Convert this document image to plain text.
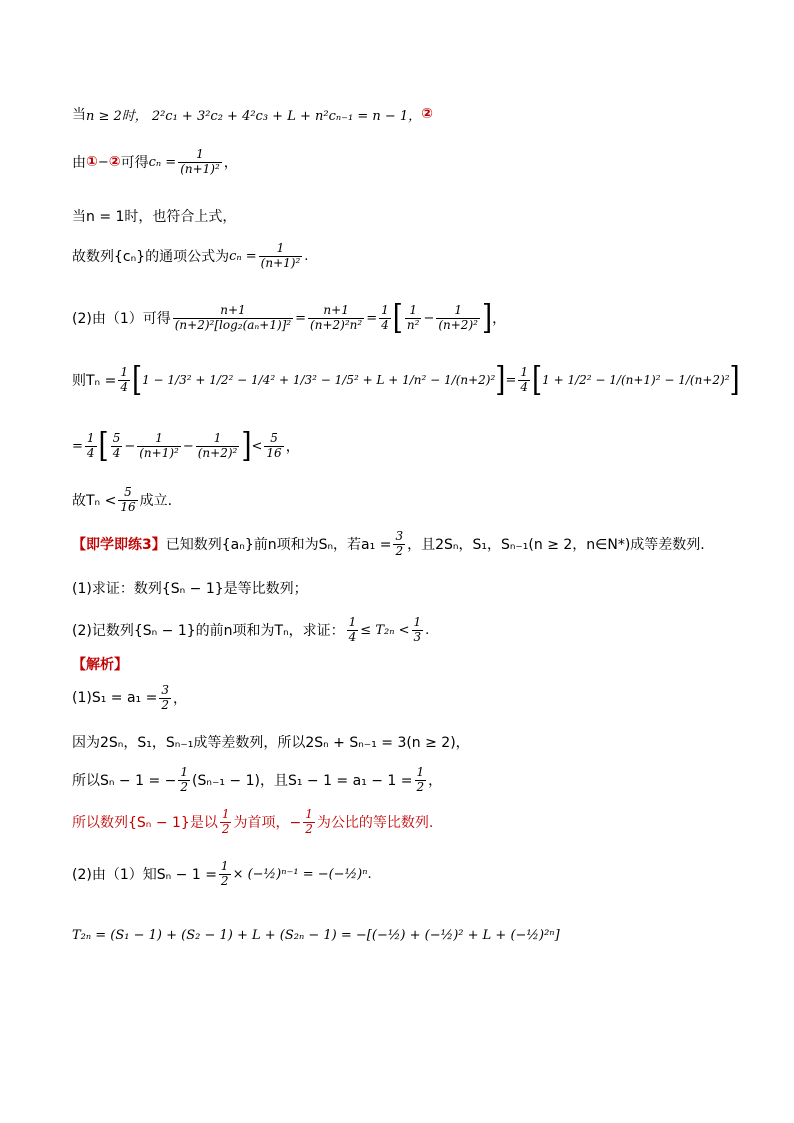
当 n ≥ 2时， 2²c₁ + 3²c₂ + 4²c₃ + L + n²cₙ₋₁ = n − 1， ②
由 ① − ② 可得 $c_n = \frac{1}{\text{(n+1)²}}$ ，
当n = 1时，也符合上式，
故数列{cₙ}的通项公式为 $c_n = \frac{1}{\text{(n+1)²}}$ .
(2)由（1）可得 $\frac{n+1}{\text{(n+2)²[log₂(aₙ+1)]²}} = \frac{n+1}{\text{(n+2)²n²}} = \frac{1}{4}$ [ $\frac{1}{\text{n²}} - \frac{1}{\text{(n+2)²}}$ ] ，
则$T_n = \frac{1}{4}$ [ 1 − 1/3² + 1/2² − 1/4² + 1/3² − 1/5² + L + 1/n² − 1/(n+2)² ] = $\frac{1}{4}$ [ 1 + 1/2² − 1/(n+1)² − 1/(n+2)² ]
= $\frac{1}{4}$ [ $\frac{5}{4} - \frac{1}{\text{(n+1)²}} - \frac{1}{\text{(n+2)²}}$ ] < $\frac{5}{16}$ ，
故$T_n < \frac{5}{16}$ 成立.
【即学即练3】 已知数列{aₙ}前n项和为Sₙ，若$a_1 = \frac{3}{2}$ ，且2Sₙ，S₁，Sₙ₋₁(n ≥ 2，n∈N*)成等差数列.
(1)求证：数列{Sₙ − 1}是等比数列；
(2)记数列{Sₙ − 1}的前n项和为Tₙ，求证： $\frac{1}{4} \le T_{2n} < \frac{1}{3}$ .
【解析】
$(1)S_1 = a_1 = \frac{3}{2}$ ，
因为2Sₙ，S₁，Sₙ₋₁成等差数列，所以2Sₙ + Sₙ₋₁ = 3(n ≥ 2)，
所以Sₙ − 1 = − $\frac{1}{2} (S_{n-1} - 1)$，且$S_1 - 1 = a_1 - 1 = \frac{1}{2}$ ，
所以数列{Sₙ − 1}是以 $\frac{1}{2}$ 为首项，− $\frac{1}{2}$ 为公比的等比数列.
(2)由（1）知$S_n - 1 = \frac{1}{2}$ × (−½)ⁿ⁻¹ = −(−½)ⁿ .
T₂ₙ = (S₁ − 1) + (S₂ − 1) + L + (S₂ₙ − 1) = −[(−½) + (−½)² + L + (−½)²ⁿ]
